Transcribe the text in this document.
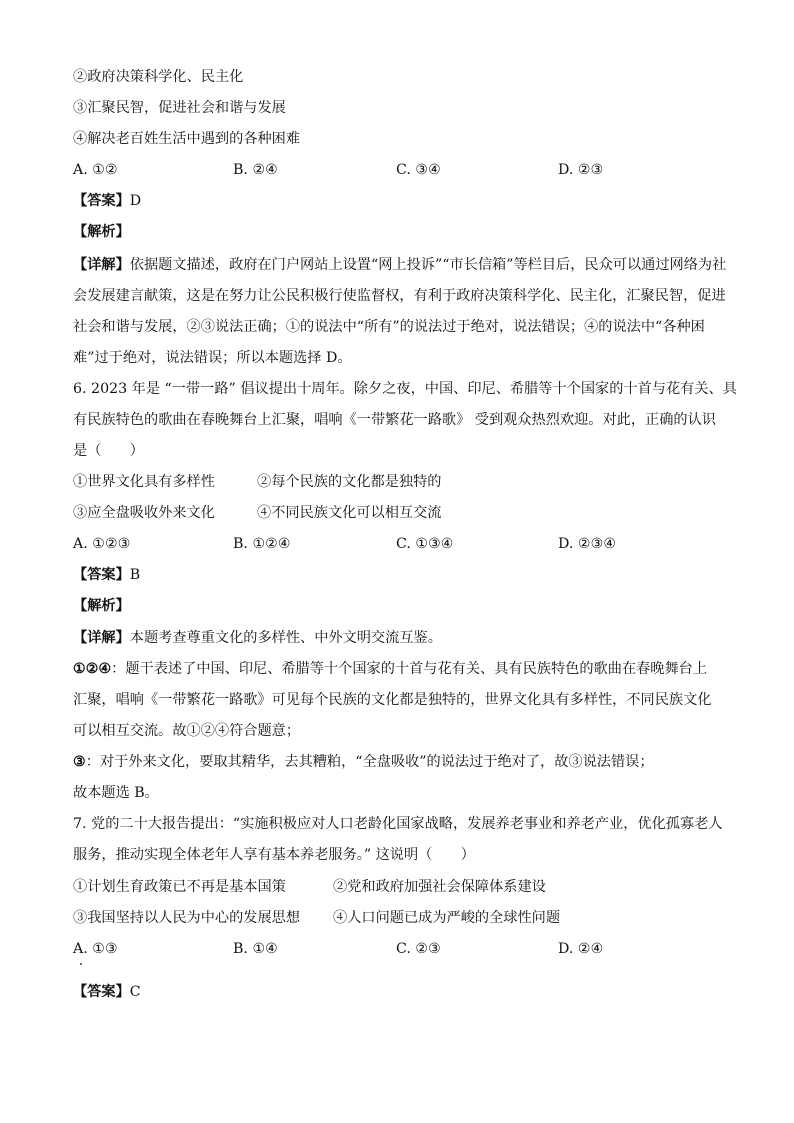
②政府决策科学化、民主化
③汇聚民智，促进社会和谐与发展
④解决老百姓生活中遇到的各种困难
A. ①②	B. ②④	C. ③④	D. ②③
【答案】D
【解析】
【详解】依据题文描述，政府在门户网站上设置“网上投诉”“市长信箱”等栏目后，民众可以通过网络为社
会发展建言献策，这是在努力让公民积极行使监督权，有利于政府决策科学化、民主化，汇聚民智，促进
社会和谐与发展，②③说法正确；①的说法中“所有”的说法过于绝对，说法错误；④的说法中“各种困
难”过于绝对，说法错误；所以本题选择 D。
6. 2023 年是 “一带一路” 倡议提出十周年。除夕之夜，中国、印尼、希腊等十个国家的十首与花有关、具
有民族特色的歌曲在春晚舞台上汇聚，唱响《一带繁花一路歌》 受到观众热烈欢迎。对此，正确的认识
是（　　）
①世界文化具有多样性	②每个民族的文化都是独特的
③应全盘吸收外来文化	④不同民族文化可以相互交流
A. ①②③	B. ①②④	C. ①③④	D. ②③④
【答案】B
【解析】
【详解】本题考查尊重文化的多样性、中外文明交流互鉴。
①②④：题干表述了中国、印尼、希腊等十个国家的十首与花有关、具有民族特色的歌曲在春晚舞台上
汇聚，唱响《一带繁花一路歌》可见每个民族的文化都是独特的，世界文化具有多样性，不同民族文化
可以相互交流。故①②④符合题意；
③：对于外来文化，要取其精华，去其糟粕，“全盘吸收”的说法过于绝对了，故③说法错误；
故本题选 B。
7. 党的二十大报告提出：“实施积极应对人口老龄化国家战略，发展养老事业和养老产业，优化孤寡老人
服务，推动实现全体老年人享有基本养老服务。” 这说明（　　）
①计划生育政策已不再是基本国策	②党和政府加强社会保障体系建设
③我国坚持以人民为中心的发展思想 ④人口问题已成为严峻的全球性问题
A. ①③	B. ①④	C. ②③	D. ②④
【答案】C
